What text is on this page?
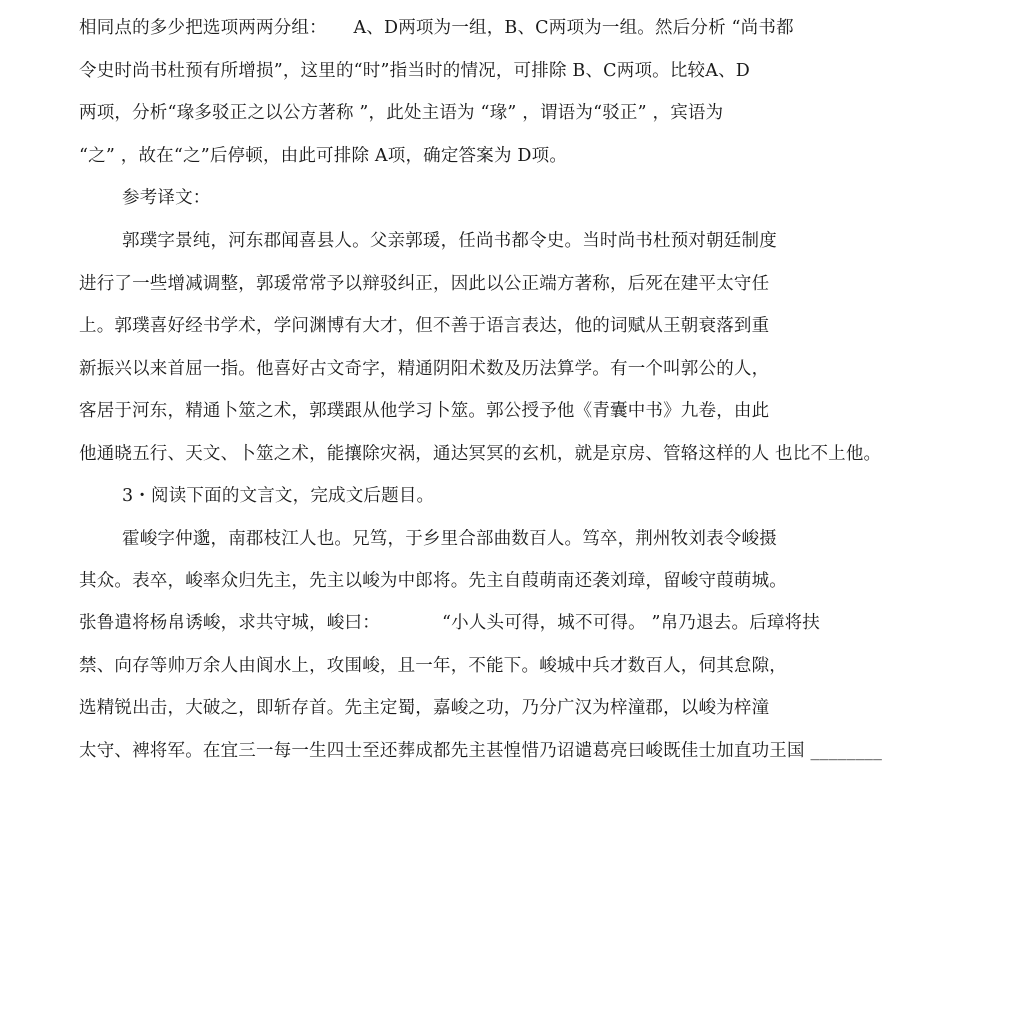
相同点的多少把选项两两分组：　　A、D两项为一组，B、C两项为一组。然后分析 “尚书都
令史时尚书杜预有所增损”，这里的“时”指当时的情况，可排除 B、C两项。比较A、D
两项，分析“瑑多驳正之以公方著称 ”，此处主语为 “瑑” ，谓语为“驳正” ，宾语为
“之” ，故在“之”后停顿，由此可排除 A项，确定答案为 D项。
参考译文：
郭璞字景纯，河东郡闻喜县人。父亲郭瑗，任尚书都令史。当时尚书杜预对朝廷制度
进行了一些增减调整，郭瑗常常予以辩驳纠正，因此以公正端方著称，后死在建平太守任
上。郭璞喜好经书学术，学问渊博有大才，但不善于语言表达，他的词赋从王朝衰落到重
新振兴以来首屈一指。他喜好古文奇字，精通阴阳术数及历法算学。有一个叫郭公的人，
客居于河东，精通卜筮之术，郭璞跟从他学习卜筮。郭公授予他《青囊中书》九卷，由此
他通晓五行、天文、卜筮之术，能攘除灾祸，通达冥冥的玄机，就是京房、管辂这样的人 也比不上他。
3・阅读下面的文言文，完成文后题目。
霍峻字仲邈，南郡枝江人也。兄笃，于乡里合部曲数百人。笃卒，荆州牧刘表令峻摄
其众。表卒，峻率众归先主，先主以峻为中郎将。先主自葭萌南还袭刘璋，留峻守葭萌城。
张鲁遣将杨帛诱峻，求共守城，峻曰：　　　　“小人头可得，城不可得。 ”帛乃退去。后璋将扶
禁、向存等帅万余人由阆水上，攻围峻，且一年，不能下。峻城中兵才数百人，伺其怠隙，
选精锐出击，大破之，即斩存首。先主定蜀，嘉峻之功，乃分广汉为梓潼郡，以峻为梓潼
太守、裨将军。在宜三一每一生四士至还葬成都先主甚惶惜乃诏谴葛亮曰峻既佳士加直功王国 ________
